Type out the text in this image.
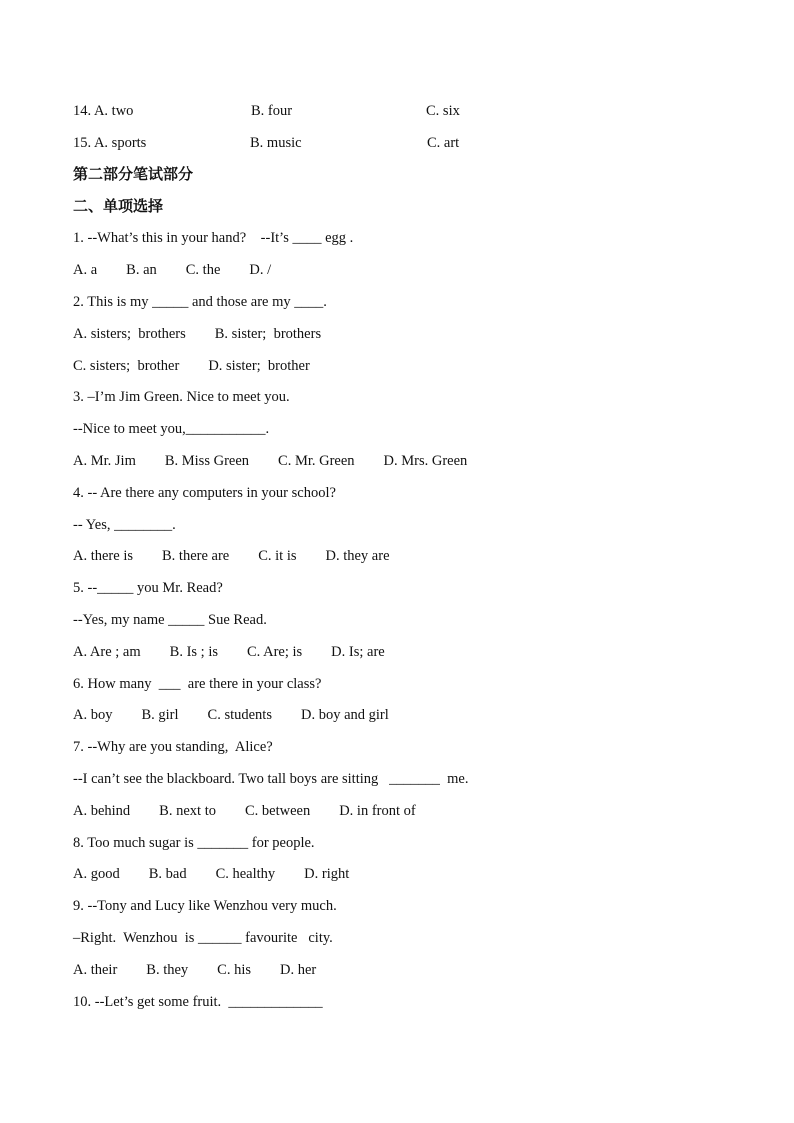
14. A. two	B. four	C. six
15. A. sports	B. music	C. art
第二部分笔试部分
二、单项选择
1. --What’s this in your hand?    --It’s ____ egg .
A. a        B. an        C. the        D. /
2. This is my _____ and those are my ____.
A. sisters;  brothers        B. sister;  brothers
C. sisters;  brother        D. sister;  brother
3. –I’m Jim Green. Nice to meet you.
--Nice to meet you,___________.
A. Mr. Jim        B. Miss Green        C. Mr. Green        D. Mrs. Green
4. -- Are there any computers in your school?
-- Yes, ________.
A. there is        B. there are        C. it is        D. they are
5. --_____ you Mr. Read?
--Yes, my name _____ Sue Read.
A. Are ; am        B. Is ; is        C. Are; is        D. Is; are
6. How many  ___  are there in your class?
A. boy        B. girl        C. students        D. boy and girl
7. --Why are you standing,  Alice?
--I can’t see the blackboard. Two tall boys are sitting   _______  me.
A. behind        B. next to        C. between        D. in front of
8. Too much sugar is _______ for people.
A. good        B. bad        C. healthy        D. right
9. --Tony and Lucy like Wenzhou very much.
–Right.  Wenzhou  is ______ favourite   city.
A. their        B. they        C. his        D. her
10. --Let’s get some fruit.  _____________
